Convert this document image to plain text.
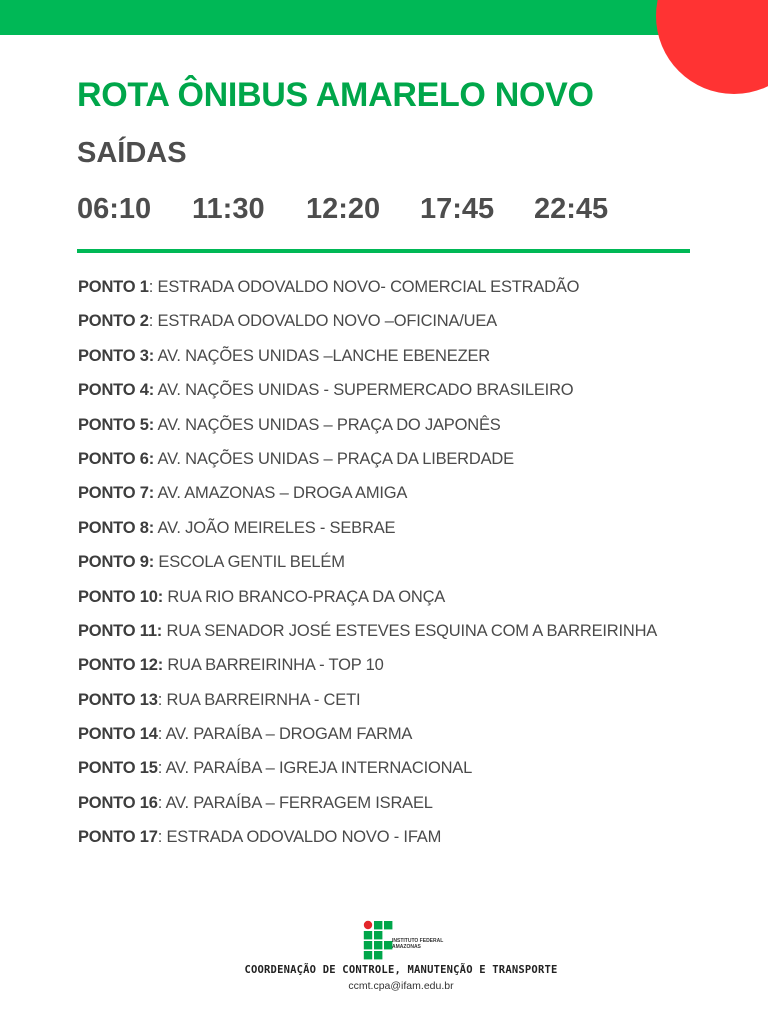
ROTA ÔNIBUS AMARELO NOVO
SAÍDAS
06:10 11:30 12:20 17:45 22:45
PONTO 1: ESTRADA ODOVALDO NOVO- COMERCIAL ESTRADÃO
PONTO 2: ESTRADA ODOVALDO NOVO –OFICINA/UEA
PONTO 3: AV. NAÇÕES UNIDAS –LANCHE EBENEZER
PONTO 4: AV. NAÇÕES UNIDAS - SUPERMERCADO BRASILEIRO
PONTO 5: AV. NAÇÕES UNIDAS – PRAÇA DO JAPONÊS
PONTO 6: AV. NAÇÕES UNIDAS – PRAÇA DA LIBERDADE
PONTO 7: AV. AMAZONAS – DROGA AMIGA
PONTO 8: AV. JOÃO MEIRELES - SEBRAE
PONTO 9: ESCOLA GENTIL BELÉM
PONTO 10: RUA RIO BRANCO-PRAÇA DA ONÇA
PONTO 11: RUA SENADOR JOSÉ ESTEVES ESQUINA COM A BARREIRINHA
PONTO 12: RUA BARREIRINHA - TOP 10
PONTO 13: RUA BARREIRNHA - CETI
PONTO 14: AV. PARAÍBA – DROGAM FARMA
PONTO 15: AV. PARAÍBA – IGREJA INTERNACIONAL
PONTO 16: AV. PARAÍBA – FERRAGEM ISRAEL
PONTO 17: ESTRADA ODOVALDO NOVO - IFAM
INSTITUTO FEDERAL AMAZONAS
COORDENAÇÃO DE CONTROLE, MANUTENÇÃO E TRANSPORTE
ccmt.cpa@ifam.edu.br
